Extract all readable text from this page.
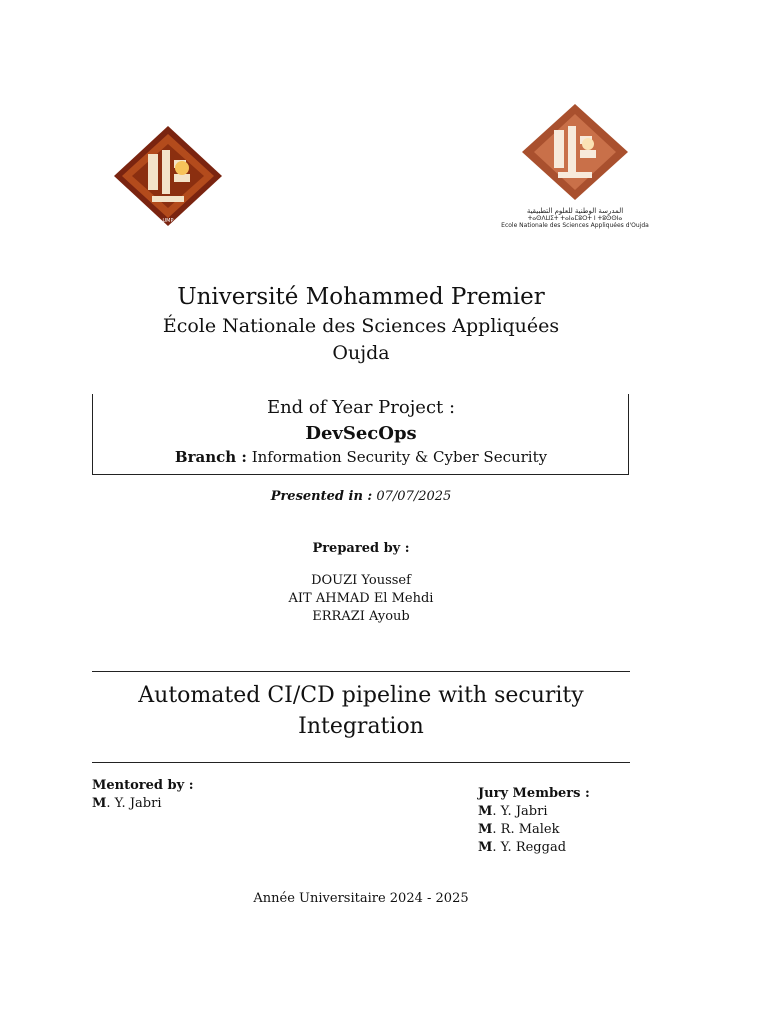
UMP
المدرسة الوطنية للعلوم التطبيقية
ⵜⴰⵙⴷⵡⵉⵜ ⵜⴰⵏⴰⵎⵓⵔⵜ ⵏ ⵜⵓⵙⵙⵏⴰ
Ecole Nationale des Sciences Appliquées d'Oujda
Université Mohammed Premier
École Nationale des Sciences Appliquées
Oujda
End of Year Project :
DevSecOps
Branch : Information Security & Cyber Security
Presented in : 07/07/2025
Prepared by :
DOUZI Youssef
AIT AHMAD El Mehdi
ERRAZI Ayoub
Automated CI/CD pipeline with security
Integration
Mentored by :
M. Y. Jabri
Jury Members :
M. Y. Jabri
M. R. Malek
M. Y. Reggad
Année Universitaire 2024 - 2025
